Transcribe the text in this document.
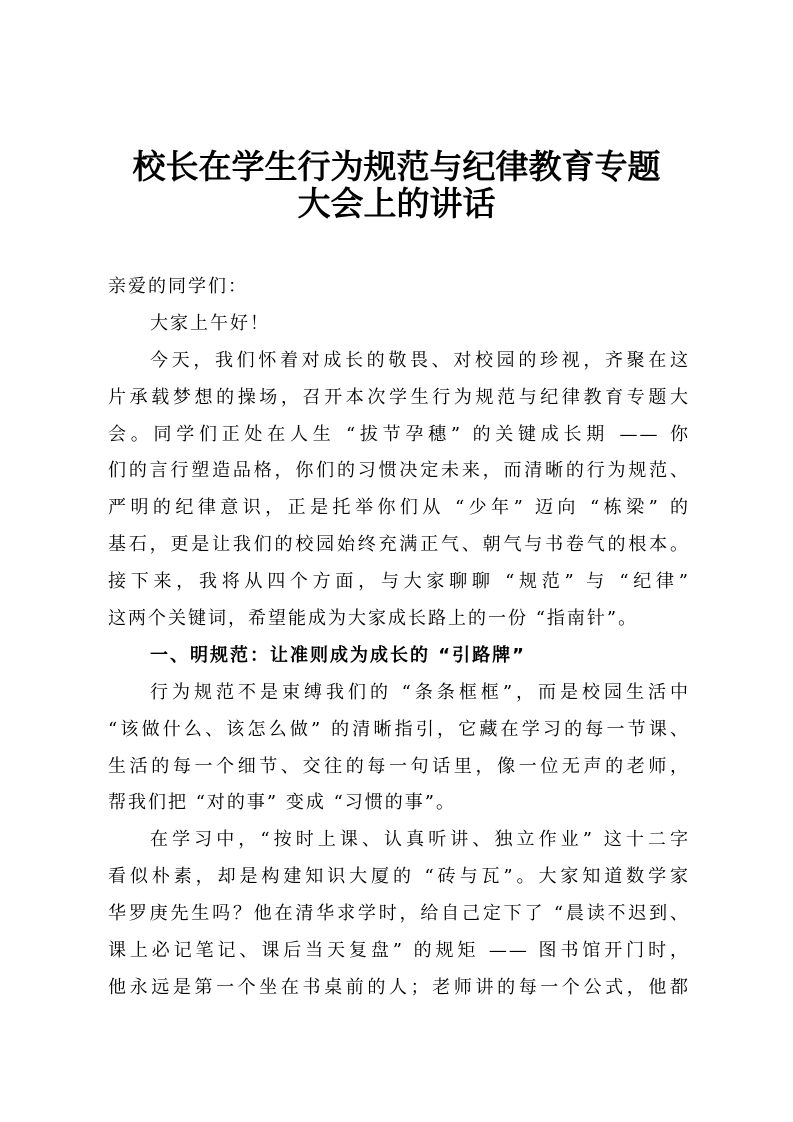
校长在学生行为规范与纪律教育专题
大会上的讲话
亲爱的同学们：
大家上午好！
今天，我们怀着对成长的敬畏、对校园的珍视，齐聚在这
片承载梦想的操场，召开本次学生行为规范与纪律教育专题大
会。同学们正处在人生 “拔节孕穗” 的关键成长期 —— 你
们的言行塑造品格，你们的习惯决定未来，而清晰的行为规范、
严明的纪律意识，正是托举你们从 “少年” 迈向 “栋梁” 的
基石，更是让我们的校园始终充满正气、朝气与书卷气的根本。
接下来，我将从四个方面，与大家聊聊 “规范” 与 “纪律”
这两个关键词，希望能成为大家成长路上的一份 “指南针”。
一、明规范：让准则成为成长的 “引路牌”
行为规范不是束缚我们的 “条条框框”，而是校园生活中
“该做什么、该怎么做” 的清晰指引，它藏在学习的每一节课、
生活的每一个细节、交往的每一句话里，像一位无声的老师，
帮我们把 “对的事” 变成 “习惯的事”。
在学习中，“按时上课、认真听讲、独立作业” 这十二字
看似朴素，却是构建知识大厦的 “砖与瓦”。大家知道数学家
华罗庚先生吗？他在清华求学时，给自己定下了 “晨读不迟到、
课上必记笔记、课后当天复盘” 的规矩 —— 图书馆开门时，
他永远是第一个坐在书桌前的人；老师讲的每一个公式，他都
